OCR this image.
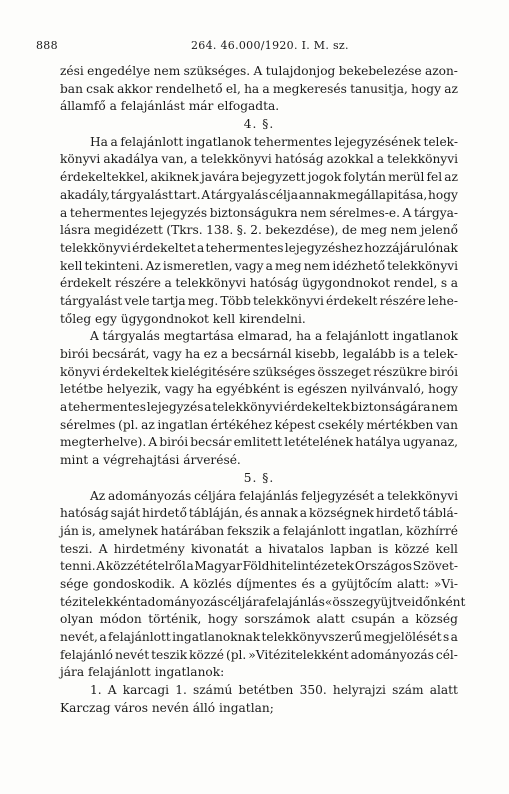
888	264. 46.000/1920. I. M. sz.
zési engedélye nem szükséges. A tulajdonjog bekebelezése azon-
ban csak akkor rendelhető el, ha a megkeresés tanusitja, hogy az
államfő a felajánlást már elfogadta.
4. §.
Ha a felajánlott ingatlanok tehermentes lejegyzésének telek-
könyvi akadálya van, a telekkönyvi hatóság azokkal a telekkönyvi
érdekeltekkel, akiknek javára bejegyzett jogok folytán merül fel az
akadály, tárgyalást tart. A tárgyalás célja annak megállapitása, hogy
a tehermentes lejegyzés biztonságukra nem sérelmes-e. A tárgya-
lásra megidézett (Tkrs. 138. §. 2. bekezdése), de meg nem jelenő
telekkönyvi érdekeltet a tehermentes lejegyzéshez hozzájárulónak
kell tekinteni. Az ismeretlen, vagy a meg nem idézhető telekkönyvi
érdekelt részére a telekkönyvi hatóság ügygondnokot rendel, s a
tárgyalást vele tartja meg. Több telekkönyvi érdekelt részére lehe-
tőleg egy ügygondnokot kell kirendelni.
A tárgyalás megtartása elmarad, ha a felajánlott ingatlanok
birói becsárát, vagy ha ez a becsárnál kisebb, legalább is a telek-
könyvi érdekeltek kielégitésére szükséges összeget részükre birói
letétbe helyezik, vagy ha egyébként is egészen nyilvánvaló, hogy
a tehermentes lejegyzés a telekkönyvi érdekeltek biztonságára nem
sérelmes (pl. az ingatlan értékéhez képest csekély mértékben van
megterhelve). A birói becsár emlitett letételének hatálya ugyanaz,
mint a végrehajtási árverésé.
5. §.
Az adományozás céljára felajánlás feljegyzését a telekkönyvi
hatóság saját hirdető tábláján, és annak a községnek hirdető táblá-
ján is, amelynek határában fekszik a felajánlott ingatlan, közhírré
teszi. A hirdetmény kivonatát a hivatalos lapban is közzé kell
tenni. A közzétételről a Magyar Földhitelintézetek Országos Szövet-
sége gondoskodik. A közlés díjmentes és a gyüjtőcím alatt: »Vi-
tézitelekként adományozás céljára felajánlás« összegyüjtve időnként
olyan módon történik, hogy sorszámok alatt csupán a község
nevét, a felajánlott ingatlanoknak telekkönyvszerű megjelölését s a
felajánló nevét teszik közzé (pl. »Vitézitelekként adományozás cél-
jára felajánlott ingatlanok:
1. A karcagi 1. számú betétben 350. helyrajzi szám alatt
Karczag város nevén álló ingatlan;
